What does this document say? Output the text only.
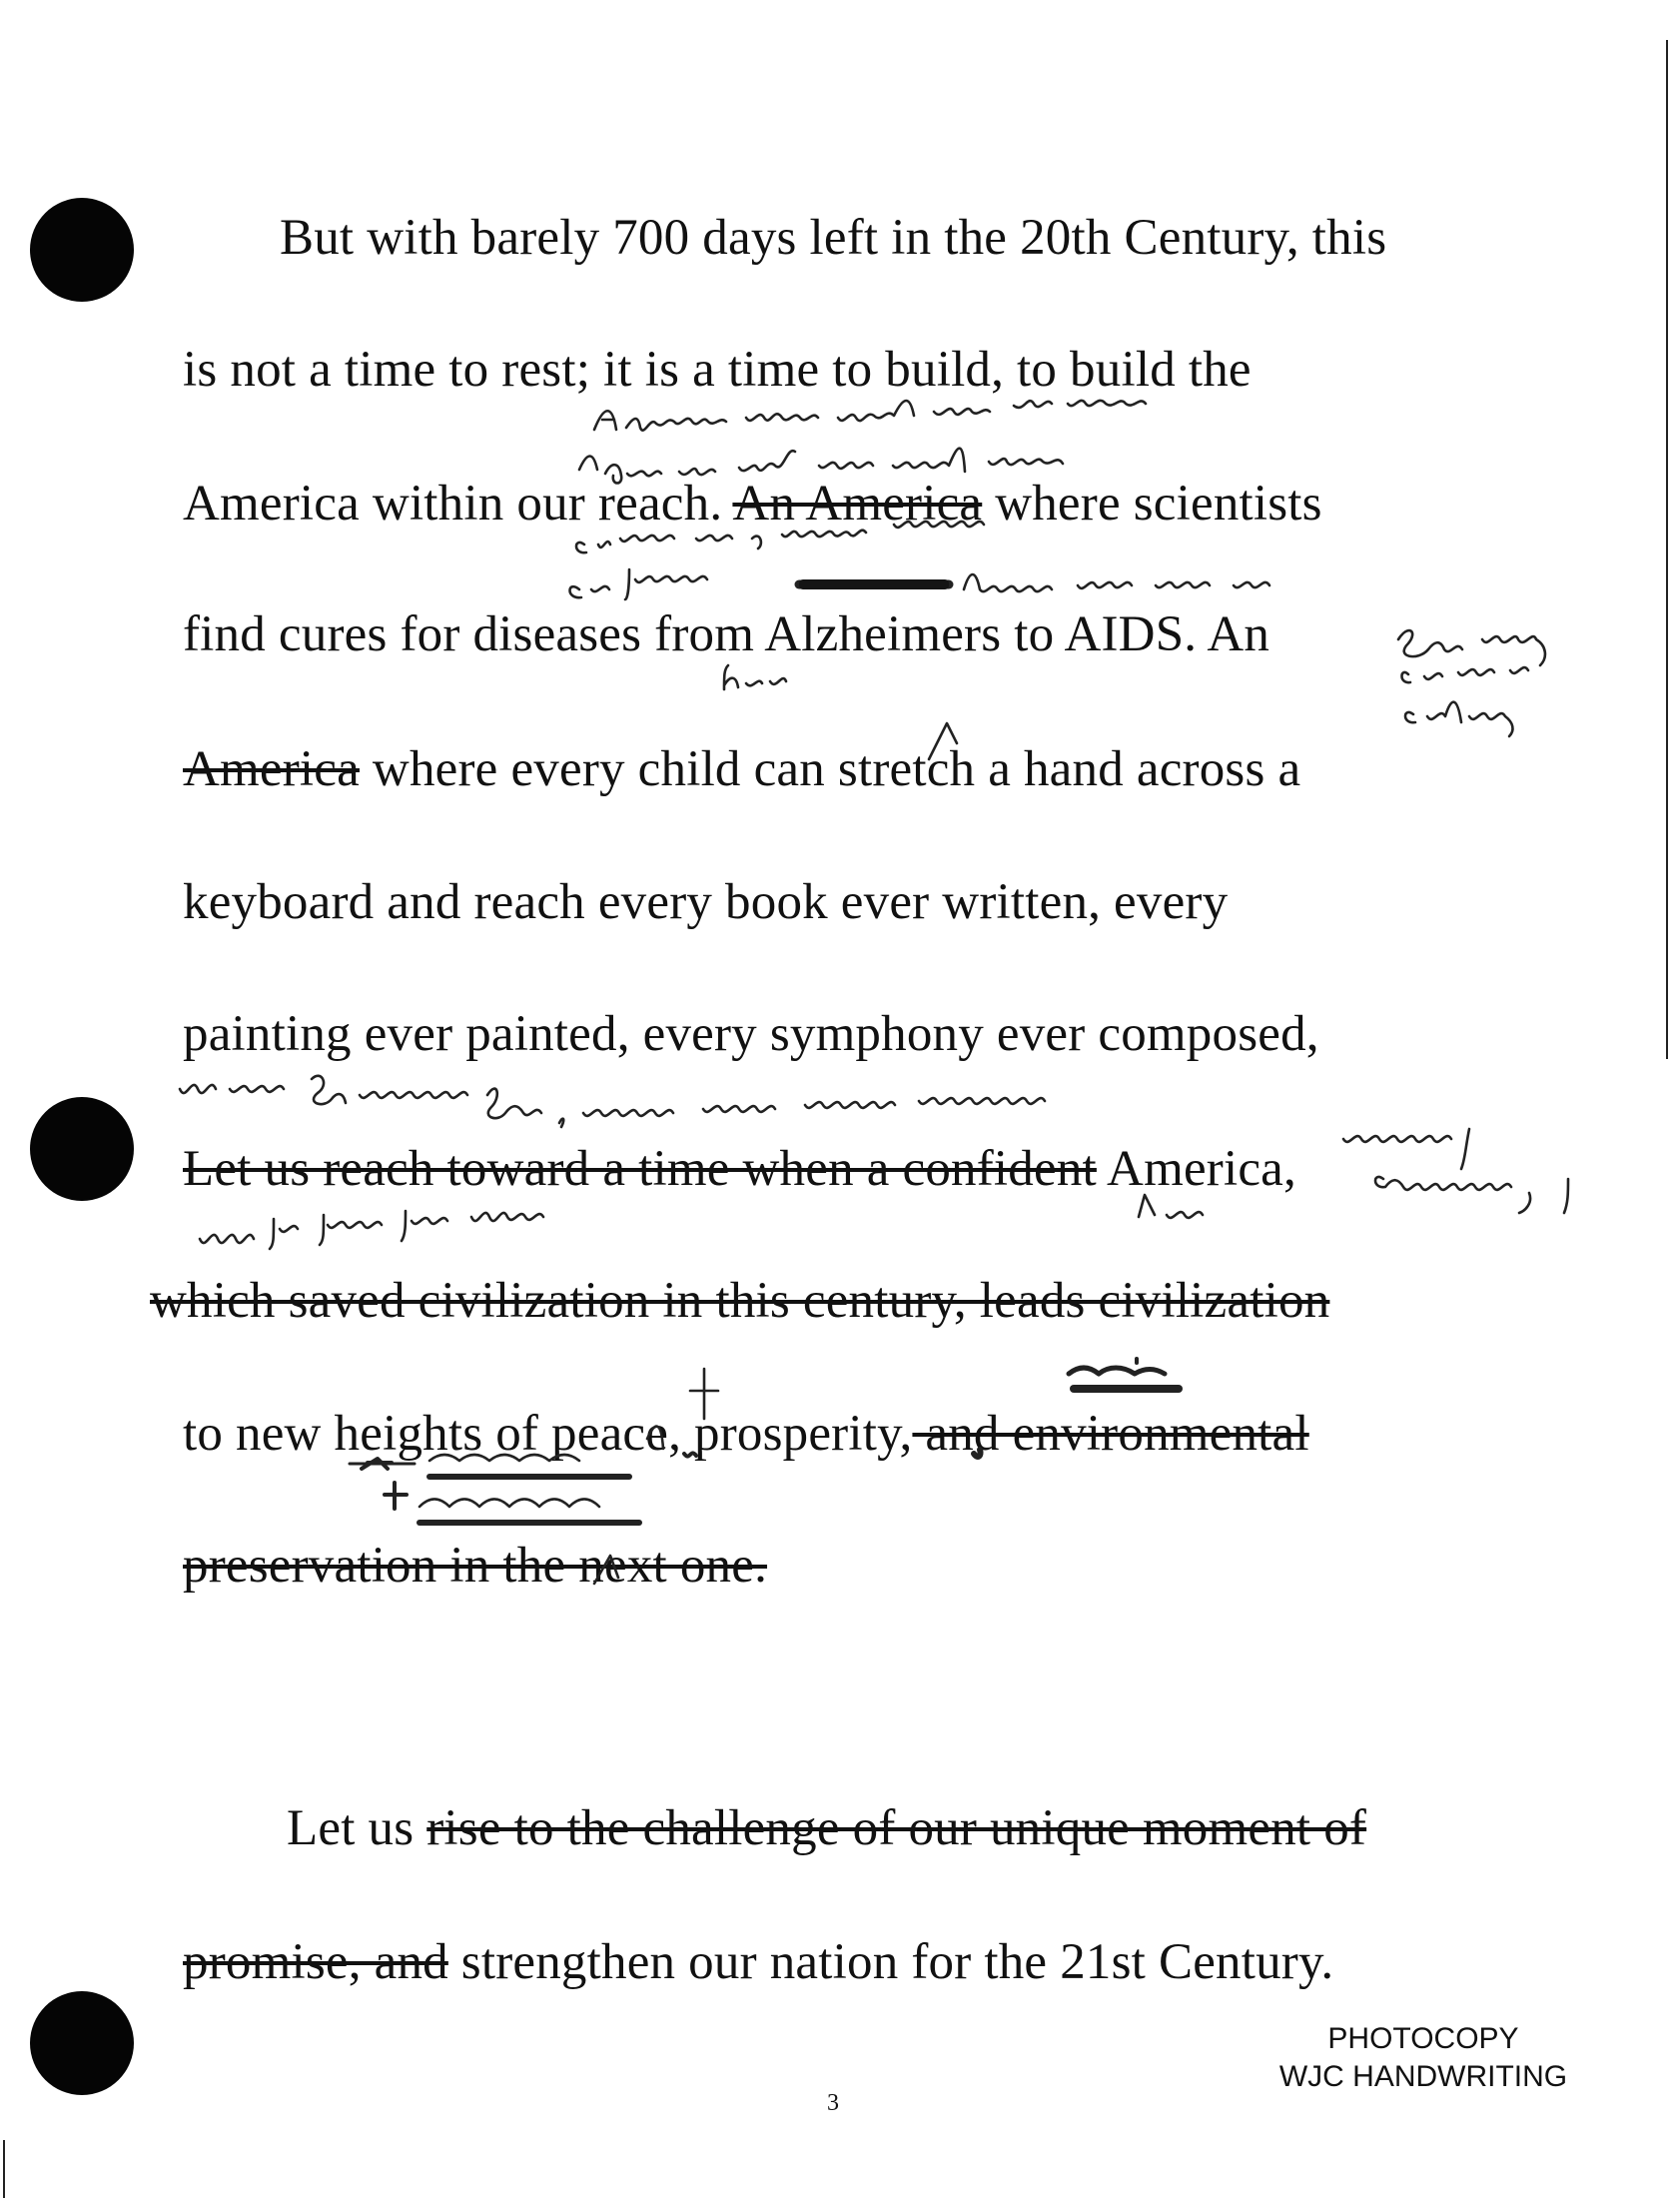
But with barely 700 days left in the 20th Century, this
is not a time to rest; it is a time to build, to build the
America within our reach. An America where scientists
find cures for diseases from Alzheimers to AIDS. An
America where every child can stretch a hand across a
keyboard and reach every book ever written, every
painting ever painted, every symphony ever composed,
Let us reach toward a time when a confident America,
which saved civilization in this century, leads civilization
to new heights of peace, prosperity, and environmental
preservation in the next one.
Let us rise to the challenge of our unique moment of
promise, and strengthen our nation for the 21st Century.
PHOTOCOPY
WJC HANDWRITING
3
